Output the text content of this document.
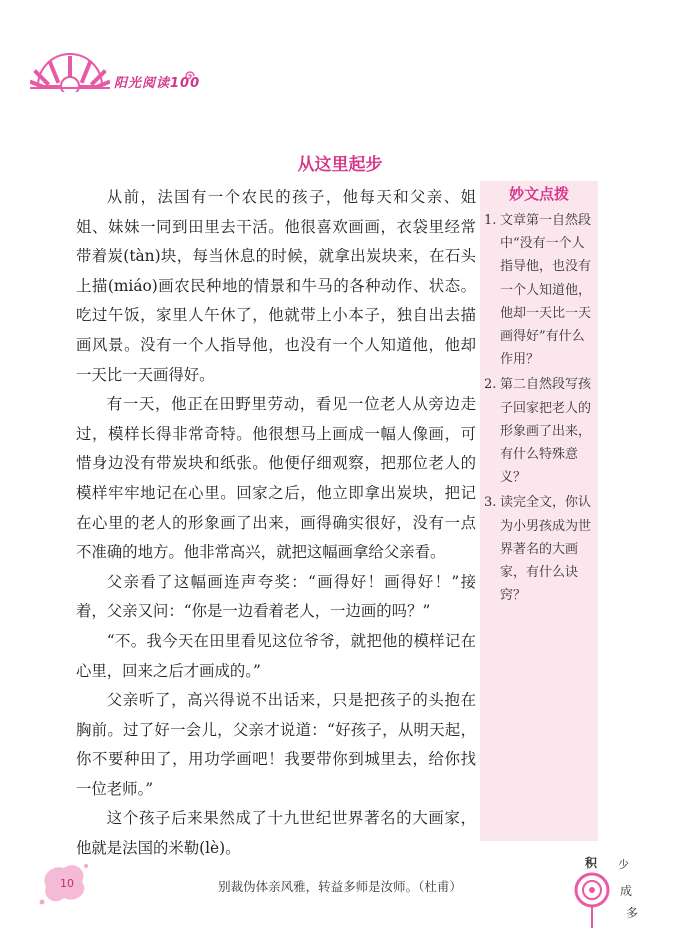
阳光阅读100
从这里起步

从前，法国有一个农民的孩子，他每天和父亲、姐姐、妹妹一同到田里去干活。他很喜欢画画，衣袋里经常带着炭(tàn)块，每当休息的时候，就拿出炭块来，在石头上描(miáo)画农民种地的情景和牛马的各种动作、状态。吃过午饭，家里人午休了，他就带上小本子，独自出去描画风景。没有一个人指导他，也没有一个人知道他，他却一天比一天画得好。

有一天，他正在田野里劳动，看见一位老人从旁边走过，模样长得非常奇特。他很想马上画成一幅人像画，可惜身边没有带炭块和纸张。他便仔细观察，把那位老人的模样牢牢地记在心里。回家之后，他立即拿出炭块，把记在心里的老人的形象画了出来，画得确实很好，没有一点不准确的地方。他非常高兴，就把这幅画拿给父亲看。

父亲看了这幅画连声夸奖：“画得好！画得好！”接着，父亲又问：“你是一边看着老人，一边画的吗？”

“不。我今天在田里看见这位爷爷，就把他的模样记在心里，回来之后才画成的。”

父亲听了，高兴得说不出话来，只是把孩子的头抱在胸前。过了好一会儿，父亲才说道：“好孩子，从明天起，你不要种田了，用功学画吧！我要带你到城里去，给你找一位老师。”

这个孩子后来果然成了十九世纪世界著名的大画家，他就是法国的米勒(lè)。

妙文点拨
1. 文章第一自然段中“没有一个人指导他，也没有一个人知道他，他却一天比一天画得好”有什么作用？
2. 第二自然段写孩子回家把老人的形象画了出来，有什么特殊意义？
3. 读完全文，你认为小男孩成为世界著名的大画家，有什么诀窍？
10	别裁伪体亲风雅，转益多师是汝师。（杜甫）
积 少
成
多
